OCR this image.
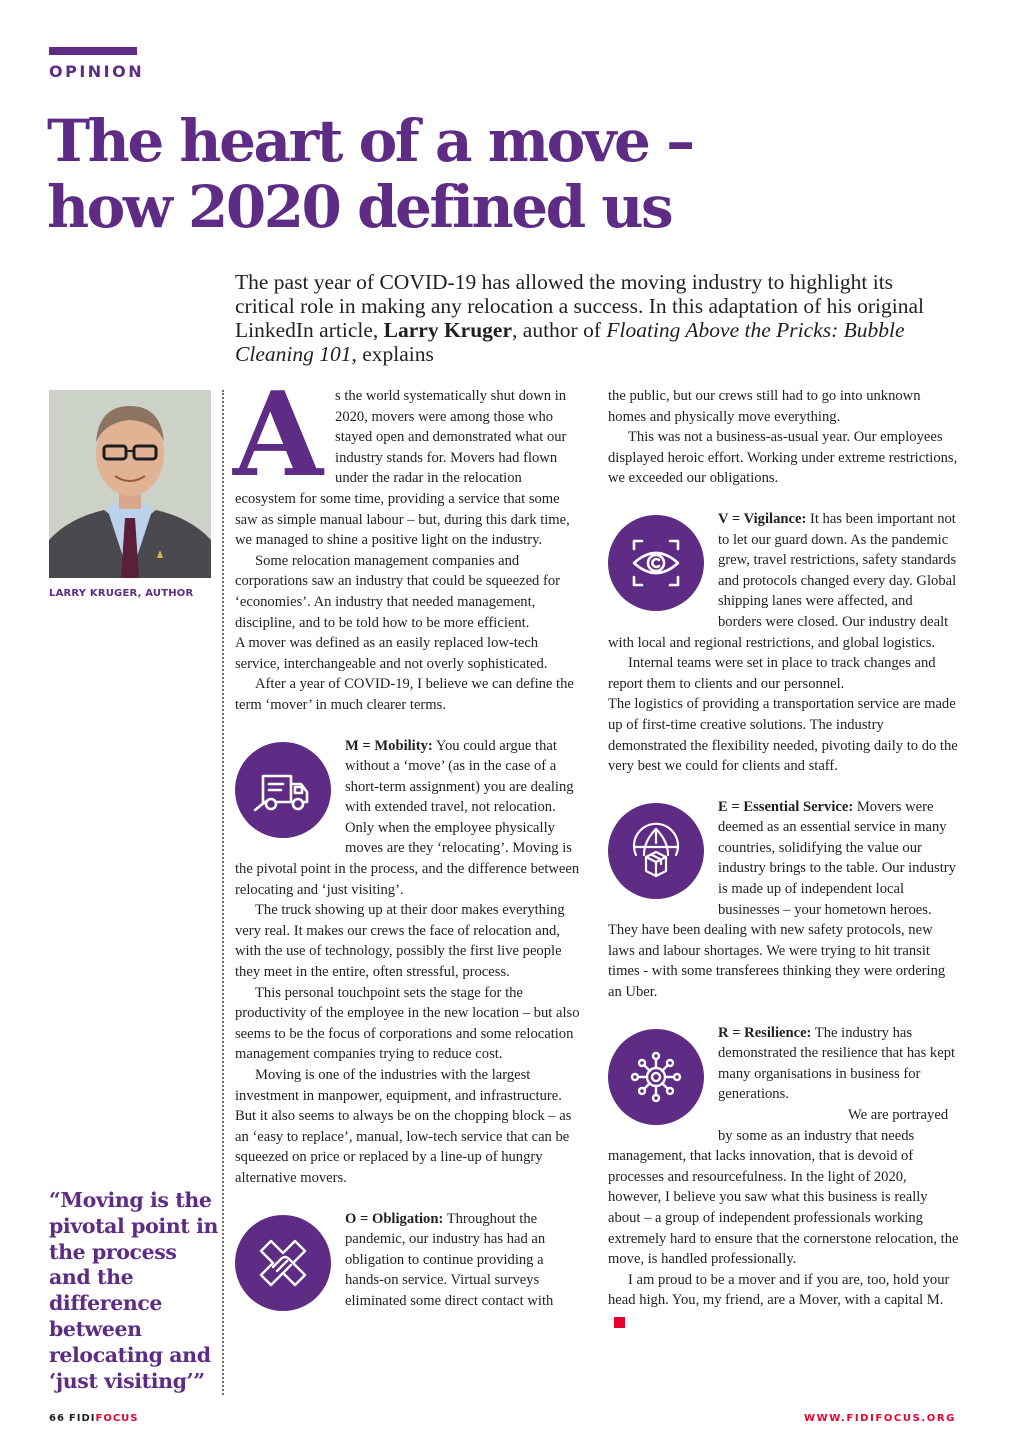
OPINION
The heart of a move –
how 2020 defined us
The past year of COVID-19 has allowed the moving industry to highlight its critical role in making any relocation a success. In this adaptation of his original LinkedIn article, Larry Kruger, author of Floating Above the Pricks: Bubble Cleaning 101, explains
LARRY KRUGER, AUTHOR

As the world systematically shut down in 2020, movers were among those who stayed open and demonstrated what our industry stands for. Movers had flown under the radar in the relocation ecosystem for some time, providing a service that some saw as simple manual labour – but, during this dark time, we managed to shine a positive light on the industry.

Some relocation management companies and corporations saw an industry that could be squeezed for ‘economies’. An industry that needed management, discipline, and to be told how to be more efficient.

A mover was defined as an easily replaced low-tech service, interchangeable and not overly sophisticated.

After a year of COVID-19, I believe we can define the term ‘mover’ in much clearer terms.

M = Mobility: You could argue that without a ‘move’ (as in the case of a short-term assignment) you are dealing with extended travel, not relocation. Only when the employee physically moves are they ‘relocating’. Moving is the pivotal point in the process, and the difference between relocating and ‘just visiting’.

The truck showing up at their door makes everything very real. It makes our crews the face of relocation and, with the use of technology, possibly the first live people they meet in the entire, often stressful, process.

This personal touchpoint sets the stage for the productivity of the employee in the new location – but also seems to be the focus of corporations and some relocation management companies trying to reduce cost.

Moving is one of the industries with the largest investment in manpower, equipment, and infrastructure. But it also seems to always be on the chopping block – as an ‘easy to replace’, manual, low-tech service that can be squeezed on price or replaced by a line-up of hungry alternative movers.

O = Obligation: Throughout the pandemic, our industry has had an obligation to continue providing a hands-on service. Virtual surveys eliminated some direct contact with

the public, but our crews still had to go into unknown homes and physically move everything.

This was not a business-as-usual year. Our employees displayed heroic effort. Working under extreme restrictions, we exceeded our obligations.

V = Vigilance: It has been important not to let our guard down. As the pandemic grew, travel restrictions, safety standards and protocols changed every day. Global shipping lanes were affected, and borders were closed. Our industry dealt with local and regional restrictions, and global logistics.

Internal teams were set in place to track changes and report them to clients and our personnel.

The logistics of providing a transportation service are made up of first-time creative solutions. The industry demonstrated the flexibility needed, pivoting daily to do the very best we could for clients and staff.

E = Essential Service: Movers were deemed as an essential service in many countries, solidifying the value our industry brings to the table. Our industry is made up of independent local businesses – your hometown heroes. They have been dealing with new safety protocols, new laws and labour shortages. We were trying to hit transit times - with some transferees thinking they were ordering an Uber.

R = Resilience: The industry has demonstrated the resilience that has kept many organisations in business for generations.

We are portrayed by some as an industry that needs management, that lacks innovation, that is devoid of processes and resourcefulness. In the light of 2020, however, I believe you saw what this business is really about – a group of independent professionals working extremely hard to ensure that the cornerstone relocation, the move, is handled professionally.

I am proud to be a mover and if you are, too, hold your head high. You, my friend, are a Mover, with a capital M.FF

“Moving is the pivotal point in the process and the difference between relocating and ‘just visiting’”
66 FIDIFOCUS	WWW.FIDIFOCUS.ORG
